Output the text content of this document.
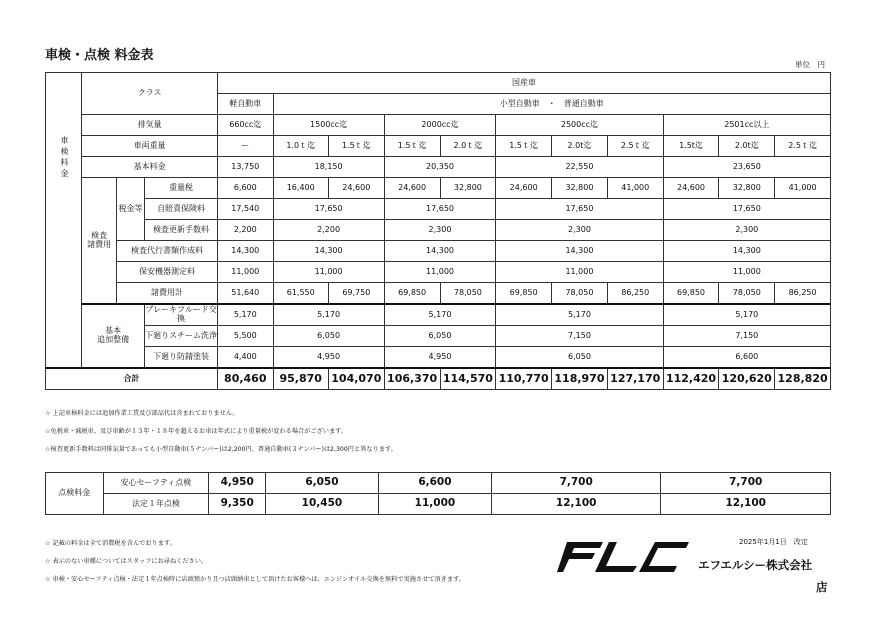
車検・点検 料金表
単位　円
	クラス			国産車										
				軽自動車	小型自動車　・　普通自動車									
	排気量			660cc迄	1500cc迄		2000cc迄		2500cc迄			2501cc以上		
車検料金	車両重量			ー	1.0ｔ迄	1.5ｔ迄	1.5ｔ迄	2.0ｔ迄	1.5ｔ迄	2.0t迄	2.5ｔ迄	1.5t迄	2.0t迄	2.5ｔ迄
	基本料金			13,750	18,150		20,350		22,550			23,650		
	検査
諸費用	税金等	重量税	6,600	16,400	24,600	24,600	32,800	24,600	32,800	41,000	24,600	32,800	41,000
			自賠責保険料	17,540	17,650		17,650		17,650			17,650		
			検査更新手数料	2,200	2,200		2,300		2,300			2,300		
		検査代行書類作成料		14,300	14,300		14,300		14,300			14,300		
		保安機器測定料		11,000	11,000		11,000		11,000			11,000		
		諸費用計		51,640	61,550	69,750	69,850	78,050	69,850	78,050	86,250	69,850	78,050	86,250
	基本
追加整備		ブレーキフルード交換	5,170	5,170		5,170		5,170			5,170		
			下廻りスチーム洗浄	5,500	6,050		6,050		7,150			7,150		
			下廻り防錆塗装	4,400	4,950		4,950		6,050			6,600		
合計				80,460	95,870	104,070	106,370	114,570	110,770	118,970	127,170	112,420	120,620	128,820
☆ 上記車検料金には追加作業工賃及び部品代は含まれておりません。
☆免税車・減税車、及び車齢が１３年・１８年を超えるお車は年式により重量税が変わる場合がございます。
☆検査更新手数料は同排気量であっても小型自動車(５ナンバー)は2,200円、普通自動車(３ナンバー)は2,300円と異なります。
点検料金	安心セーフティ点検	4,950	6,050	6,600	7,700	7,700
	法定１年点検	9,350	10,450	11,000	12,100	12,100
☆ 記載の料金は全て消費税を含んでおります。
☆ 表示のない車種についてはスタッフにお尋ねください。
☆ 車検・安心セーフティ点検・法定１年点検時に店頭預かり且つ店頭納車として頂けたお客様へは、エンジンオイル交換を無料で実施させて頂きます。
2025年1月1日　改定
FLC
エフエルシー株式会社
店
